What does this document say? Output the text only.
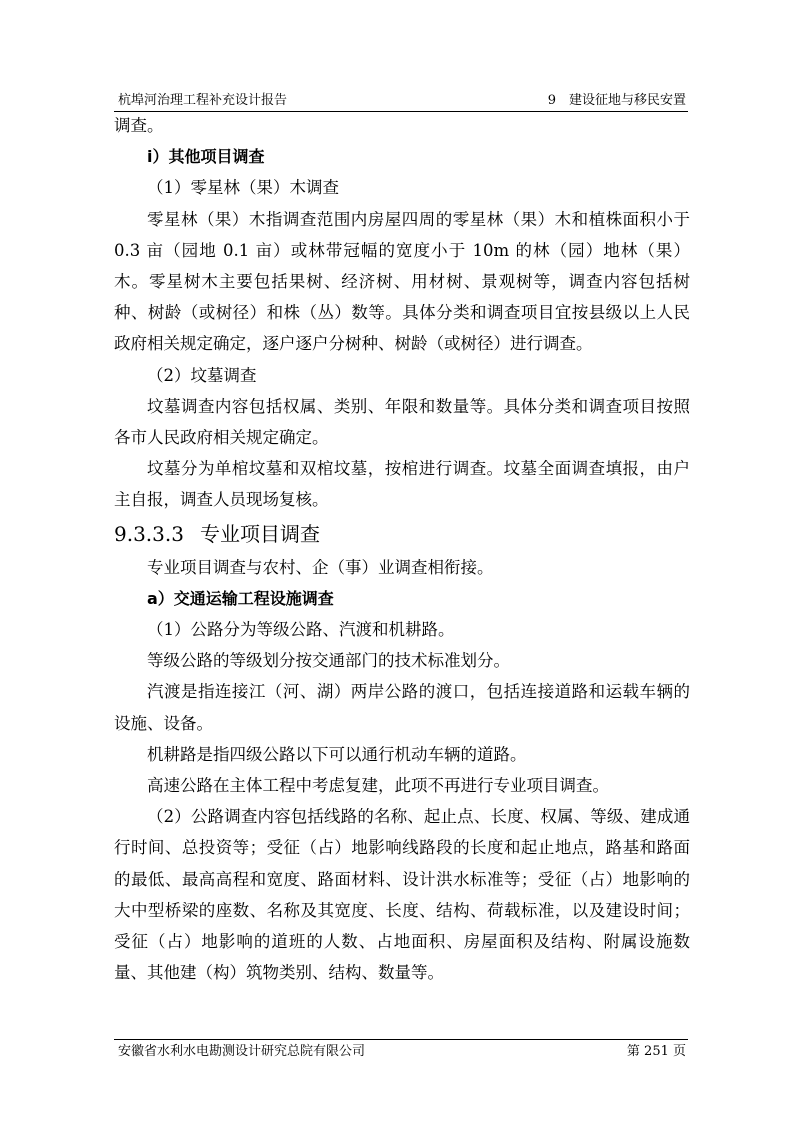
杭埠河治理工程补充设计报告	9　建设征地与移民安置

调查。

i）其他项目调查

（1）零星林（果）木调查

零星林（果）木指调查范围内房屋四周的零星林（果）木和植株面积小于 0.3 亩（园地 0.1 亩）或林带冠幅的宽度小于 10m 的林（园）地林（果）木。零星树木主要包括果树、经济树、用材树、景观树等，调查内容包括树种、树龄（或树径）和株（丛）数等。具体分类和调查项目宜按县级以上人民政府相关规定确定，逐户逐户分树种、树龄（或树径）进行调查。

（2）坟墓调查

坟墓调查内容包括权属、类别、年限和数量等。具体分类和调查项目按照各市人民政府相关规定确定。

坟墓分为单棺坟墓和双棺坟墓，按棺进行调查。坟墓全面调查填报，由户主自报，调查人员现场复核。

9.3.3.3 专业项目调查

专业项目调查与农村、企（事）业调查相衔接。

a）交通运输工程设施调查

（1）公路分为等级公路、汽渡和机耕路。

等级公路的等级划分按交通部门的技术标准划分。

汽渡是指连接江（河、湖）两岸公路的渡口，包括连接道路和运载车辆的设施、设备。

机耕路是指四级公路以下可以通行机动车辆的道路。

高速公路在主体工程中考虑复建，此项不再进行专业项目调查。

（2）公路调查内容包括线路的名称、起止点、长度、权属、等级、建成通行时间、总投资等；受征（占）地影响线路段的长度和起止地点，路基和路面的最低、最高高程和宽度、路面材料、设计洪水标准等；受征（占）地影响的大中型桥梁的座数、名称及其宽度、长度、结构、荷载标准，以及建设时间；受征（占）地影响的道班的人数、占地面积、房屋面积及结构、附属设施数量、其他建（构）筑物类别、结构、数量等。

安徽省水利水电勘测设计研究总院有限公司	第 251 页
